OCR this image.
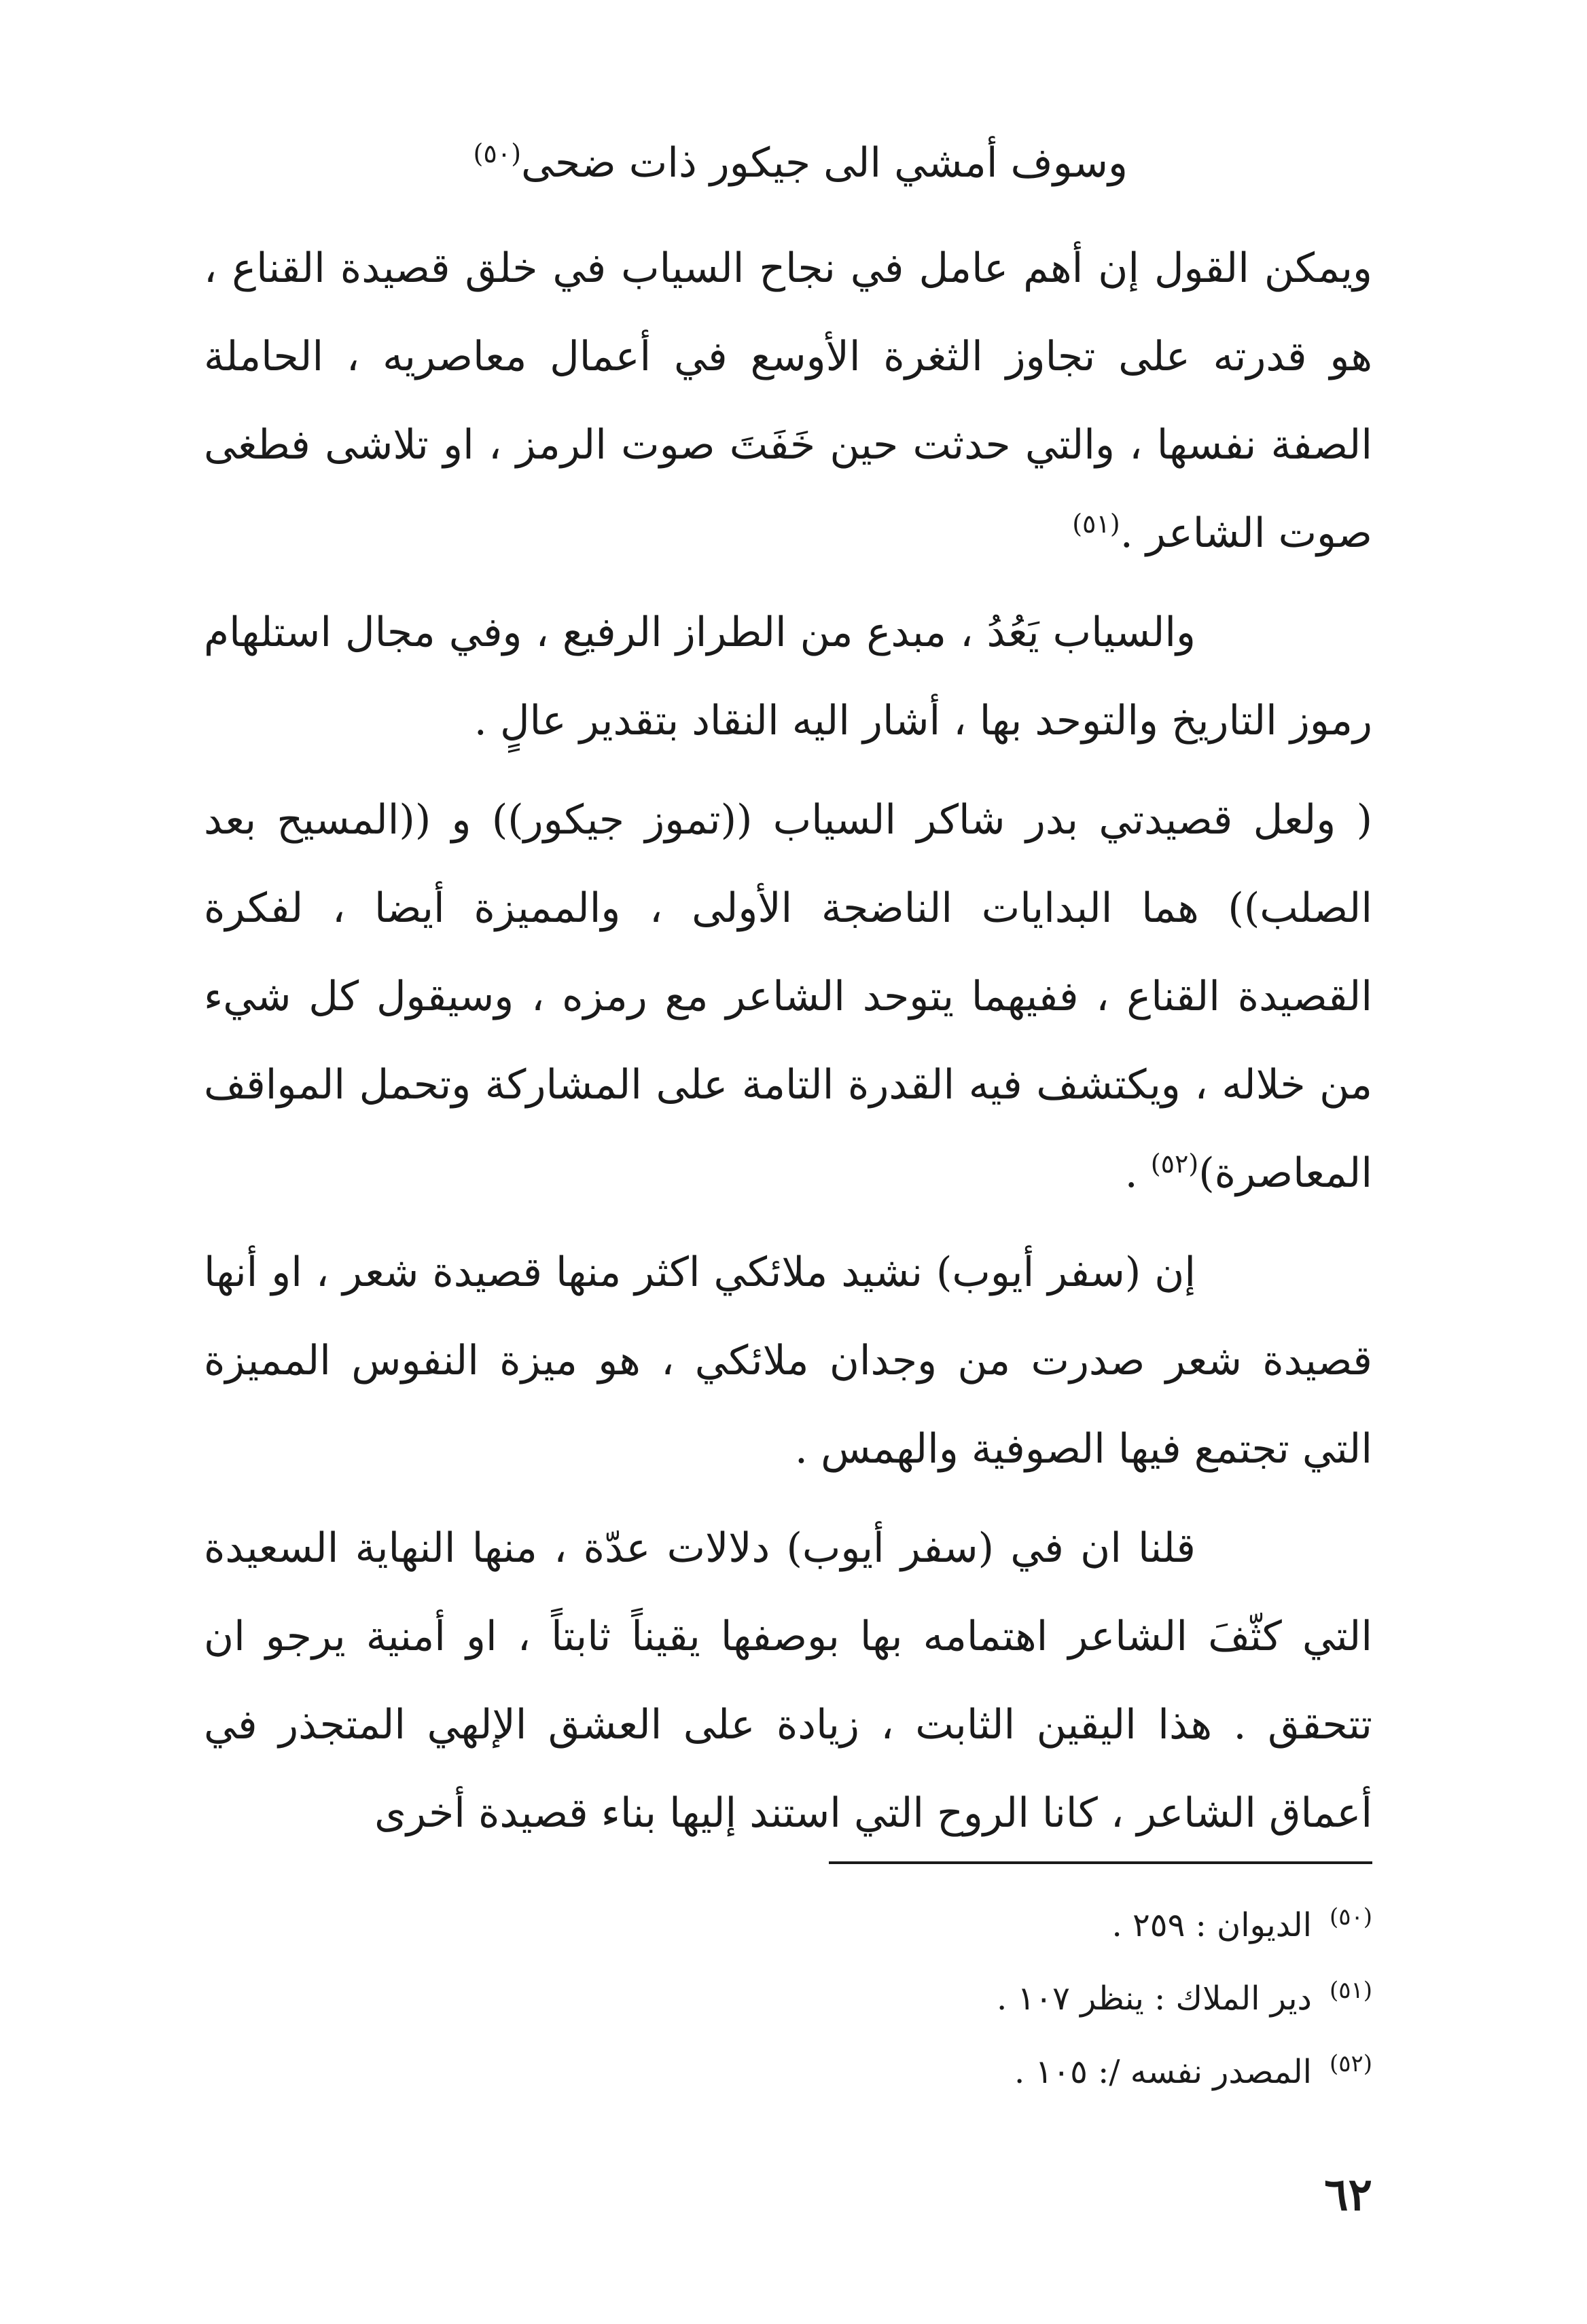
وسوف أمشي الى جيكور ذات ضحى$^{(٥٠)}$

ويمكن القول إن أهم عامل في نجاح السياب في خلق قصيدة القناع ، هو قدرته على تجاوز الثغرة الأوسع في أعمال معاصريه ، الحاملة الصفة نفسها ، والتي حدثت حين خَفَتَ صوت الرمز ، او تلاشى فطغى صوت الشاعر .$^{(٥١)}$

والسياب يَعُدُ ، مبدع من الطراز الرفيع ، وفي مجال استلهام رموز التاريخ والتوحد بها ، أشار اليه النقاد بتقدير عالٍ .

( ولعل قصيدتي بدر شاكر السياب ((تموز جيكور)) و ((المسيح بعد الصلب)) هما البدايات الناضجة الأولى ، والمميزة أيضا ، لفكرة القصيدة القناع ، ففيهما يتوحد الشاعر مع رمزه ، وسيقول كل شيء من خلاله ، ويكتشف فيه القدرة التامة على المشاركة وتحمل المواقف المعاصرة)$^{(٥٢)}$ .

إن (سفر أيوب) نشيد ملائكي اكثر منها قصيدة شعر ، او أنها قصيدة شعر صدرت من وجدان ملائكي ، هو ميزة النفوس المميزة التي تجتمع فيها الصوفية والهمس .

قلنا ان في (سفر أيوب) دلالات عدّة ، منها النهاية السعيدة التي كثّفَ الشاعر اهتمامه بها بوصفها يقيناً ثابتاً ، او أمنية يرجو ان تتحقق . هذا اليقين الثابت ، زيادة على العشق الإلهي المتجذر في أعماق الشاعر ، كانا الروح التي استند إليها بناء قصيدة أخرى

$^{(٥٠)}$الديوان : ٢٥٩ .
$^{(٥١)}$دير الملاك : ينظر ١٠٧ .
$^{(٥٢)}$المصدر نفسه /: ١٠٥ .
٦٢
